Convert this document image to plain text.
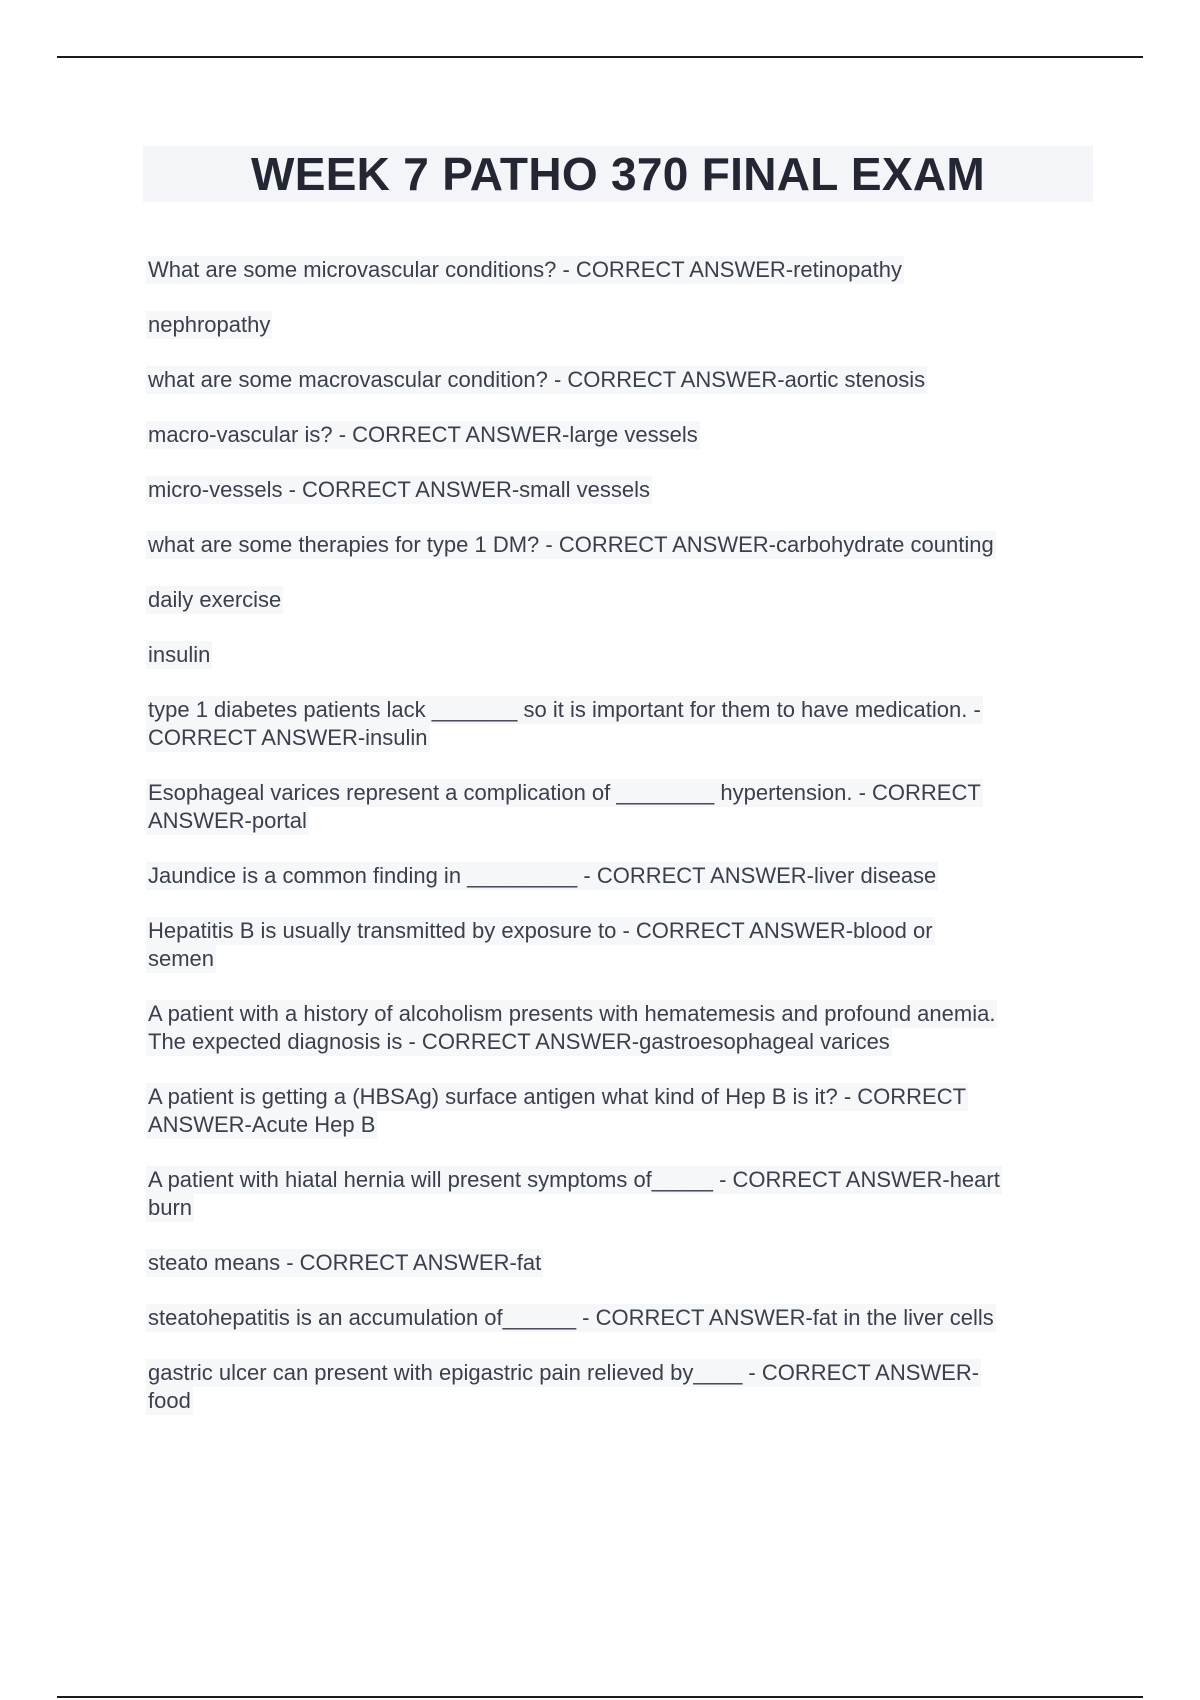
WEEK 7 PATHO 370 FINAL EXAM

What are some microvascular conditions? - CORRECT ANSWER-retinopathy

nephropathy

what are some macrovascular condition? - CORRECT ANSWER-aortic stenosis

macro-vascular is? - CORRECT ANSWER-large vessels

micro-vessels - CORRECT ANSWER-small vessels

what are some therapies for type 1 DM? - CORRECT ANSWER-carbohydrate counting

daily exercise

insulin

type 1 diabetes patients lack _______ so it is important for them to have medication. -
CORRECT ANSWER-insulin

Esophageal varices represent a complication of ________ hypertension. - CORRECT
ANSWER-portal

Jaundice is a common finding in _________ - CORRECT ANSWER-liver disease

Hepatitis B is usually transmitted by exposure to - CORRECT ANSWER-blood or
semen

A patient with a history of alcoholism presents with hematemesis and profound anemia.
The expected diagnosis is - CORRECT ANSWER-gastroesophageal varices

A patient is getting a (HBSAg) surface antigen what kind of Hep B is it? - CORRECT
ANSWER-Acute Hep B

A patient with hiatal hernia will present symptoms of_____ - CORRECT ANSWER-heart
burn

steato means - CORRECT ANSWER-fat

steatohepatitis is an accumulation of______ - CORRECT ANSWER-fat in the liver cells

gastric ulcer can present with epigastric pain relieved by____ - CORRECT ANSWER-
food
